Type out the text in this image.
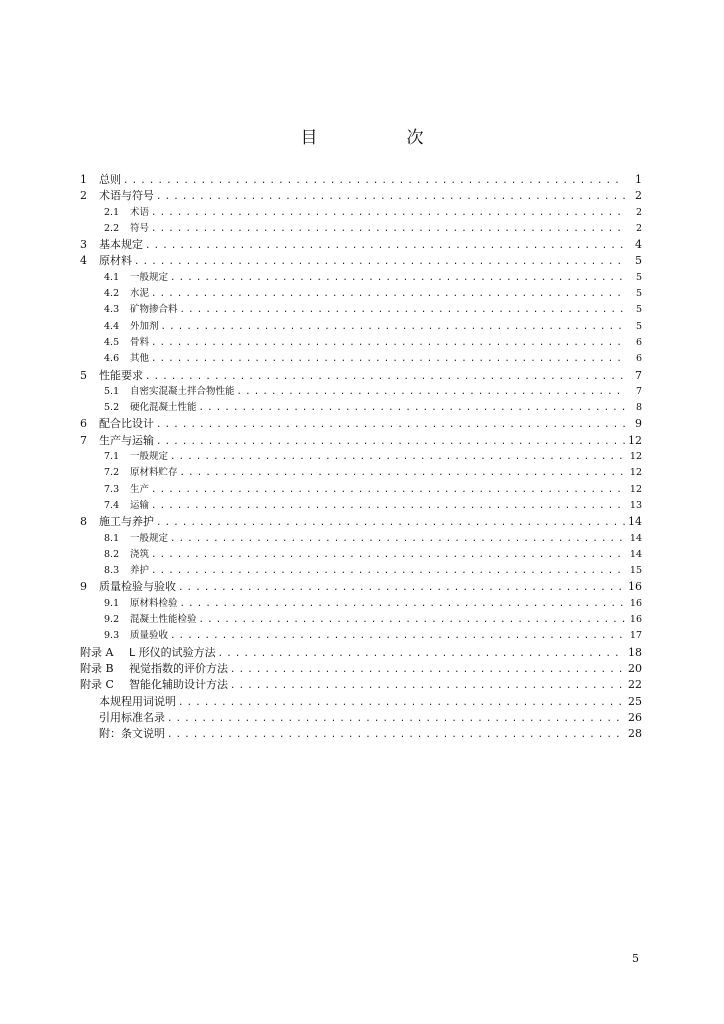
目　次
1	总则 .....	1
2	术语与符号 .....	2
2.1	术语 .....	2
2.2	符号 .....	2
3	基本规定 .....	4
4	原材料 .....	5
4.1	一般规定 .....	5
4.2	水泥 .....	5
4.3	矿物掺合料 .....	5
4.4	外加剂 .....	5
4.5	骨料 .....	6
4.6	其他 .....	6
5	性能要求 .....	7
5.1	自密实混凝土拌合物性能 .....	7
5.2	硬化混凝土性能 .....	8
6	配合比设计 .....	9
7	生产与运输 .....	12
7.1	一般规定 .....	12
7.2	原材料贮存 .....	12
7.3	生产 .....	12
7.4	运输 .....	13
8	施工与养护 .....	14
8.1	一般规定 .....	14
8.2	浇筑 .....	14
8.3	养护 .....	15
9	质量检验与验收 .....	16
9.1	原材料检验 .....	16
9.2	混凝土性能检验 .....	16
9.3	质量验收 .....	17
附录 A	L 形仪的试验方法 .....	18
附录 B	视觉指数的评价方法 .....	20
附录 C	智能化辅助设计方法 .....	22
本规程用词说明 .....	25
引用标准名录 .....	26
附：条文说明 .....	28
5
